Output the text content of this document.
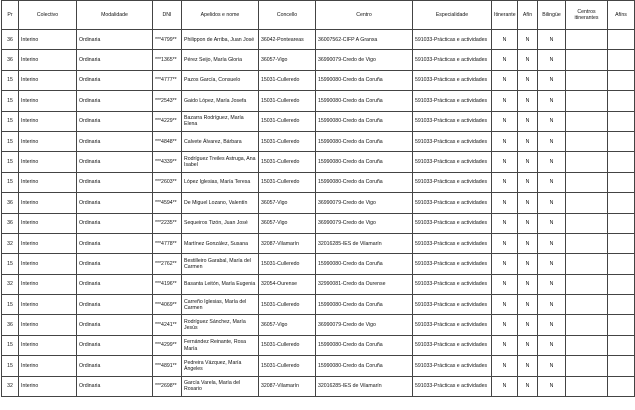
Pr	Colectivo	Modalidade	DNI	Apelidos e nome	Concello	Centro	Especialidade	Itinerante	Afín	Bilingüe	Centros itinerantes	Afíns

36	Interino	Ordinaria	***4799**	Philippon de Arriba, Juan José	36042-Ponteareas	36007562-CIFP A Granxa	591033-Prácticas e actividades	N	N	N		

36	Interino	Ordinaria	***1365**	Pérez Seijo, María Gloria	36057-Vigo	36990079-Credo de Vigo	591033-Prácticas e actividades	N	N	N		

15	Interino	Ordinaria	***4777**	Pazos García, Consuelo	15031-Culleredo	15990080-Credo da Coruña	591033-Prácticas e actividades	N	N	N		

15	Interino	Ordinaria	***2543**	Gaido López, María Josefa	15031-Culleredo	15990080-Credo da Coruña	591033-Prácticas e actividades	N	N	N		

15	Interino	Ordinaria	***4229**	Bazarra Rodríguez, María Elena	15031-Culleredo	15990080-Credo da Coruña	591033-Prácticas e actividades	N	N	N		

15	Interino	Ordinaria	***4848**	Calvete Álvarez, Bárbara	15031-Culleredo	15990080-Credo da Coruña	591033-Prácticas e actividades	N	N	N		

15	Interino	Ordinaria	***4339**	Rodríguez Treiles Astruga, Ana Isabel	15031-Culleredo	15990080-Credo da Coruña	591033-Prácticas e actividades	N	N	N		

15	Interino	Ordinaria	***2603**	López Iglesias, María Teresa	15031-Culleredo	15990080-Credo da Coruña	591033-Prácticas e actividades	N	N	N		

36	Interino	Ordinaria	***4594**	De Miguel Lozano, Valentín	36057-Vigo	36990079-Credo de Vigo	591033-Prácticas e actividades	N	N	N		

36	Interino	Ordinaria	***2235**	Sequeiros Tizón, Juan José	36057-Vigo	36990079-Credo de Vigo	591033-Prácticas e actividades	N	N	N		

32	Interino	Ordinaria	***4778**	Martínez González, Susana	32087-Vilamarín	32016285-IES de Vilamarín	591033-Prácticas e actividades	N	N	N		

15	Interino	Ordinaria	***2762**	Bestilleiro Garabal, María del Carmen	15031-Culleredo	15990080-Credo da Coruña	591033-Prácticas e actividades	N	N	N		

32	Interino	Ordinaria	***4196**	Basanta Leitón, María Eugenia	32054-Ourense	32990081-Credo da Ourense	591033-Prácticas e actividades	N	N	N		

15	Interino	Ordinaria	***4069**	Carreño Iglesias, María del Carmen	15031-Culleredo	15990080-Credo da Coruña	591033-Prácticas e actividades	N	N	N		

36	Interino	Ordinaria	***4241**	Rodríguez Sánchez, María Jesús	36057-Vigo	36990079-Credo de Vigo	591033-Prácticas e actividades	N	N	N		

15	Interino	Ordinaria	***4299**	Fernández Reinante, Rosa María	15031-Culleredo	15990080-Credo da Coruña	591033-Prácticas e actividades	N	N	N		

15	Interino	Ordinaria	***4891**	Pedreira Vázquez, María Ángeles	15031-Culleredo	15990080-Credo da Coruña	591033-Prácticas e actividades	N	N	N		

32	Interino	Ordinaria	***2698**	García Varela, María del Rosario	32087-Vilamarín	32016285-IES de Vilamarín	591033-Prácticas e actividades	N	N	N		
